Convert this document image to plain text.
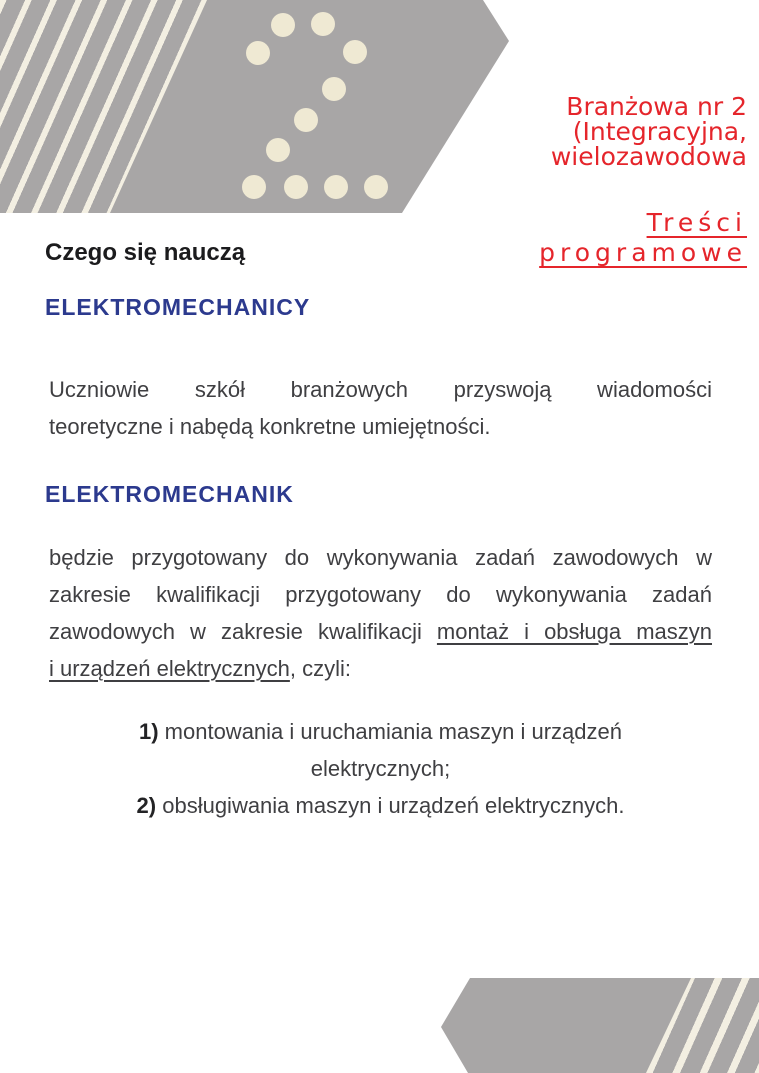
Branżowa nr 2
(Integracyjna,
wielozawodowa
Treści
programowe
Czego się nauczą
ELEKTROMECHANICY
Uczniowie szkół branżowych przyswoją wiadomości
teoretyczne i nabędą konkretne umiejętności.
ELEKTROMECHANIK
będzie przygotowany do wykonywania zadań zawodowych w
zakresie kwalifikacji przygotowany do wykonywania zadań
zawodowych w zakresie kwalifikacji montaż i obsługa maszyn
i urządzeń elektrycznych, czyli:
1) montowania i uruchamiania maszyn i urządzeń
elektrycznych;
2) obsługiwania maszyn i urządzeń elektrycznych.
